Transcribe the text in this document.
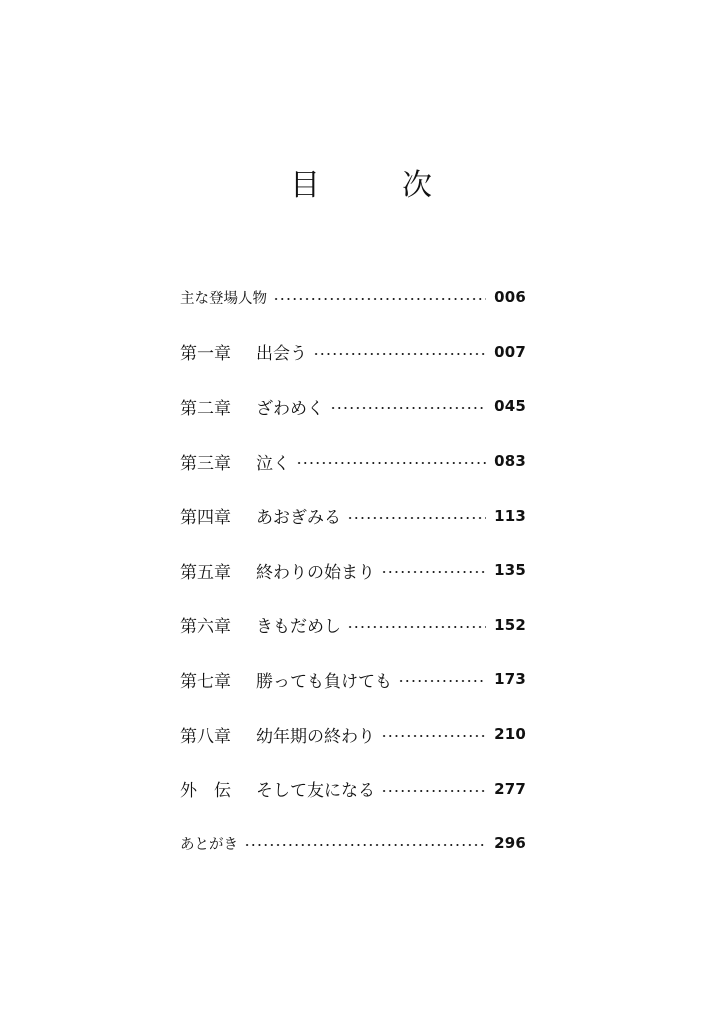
目　次
主な登場人物	006
第一章	出会う	007
第二章	ざわめく	045
第三章	泣く	083
第四章	あおぎみる	113
第五章	終わりの始まり	135
第六章	きもだめし	152
第七章	勝っても負けても	173
第八章	幼年期の終わり	210
外　伝	そして友になる	277
あとがき	296
